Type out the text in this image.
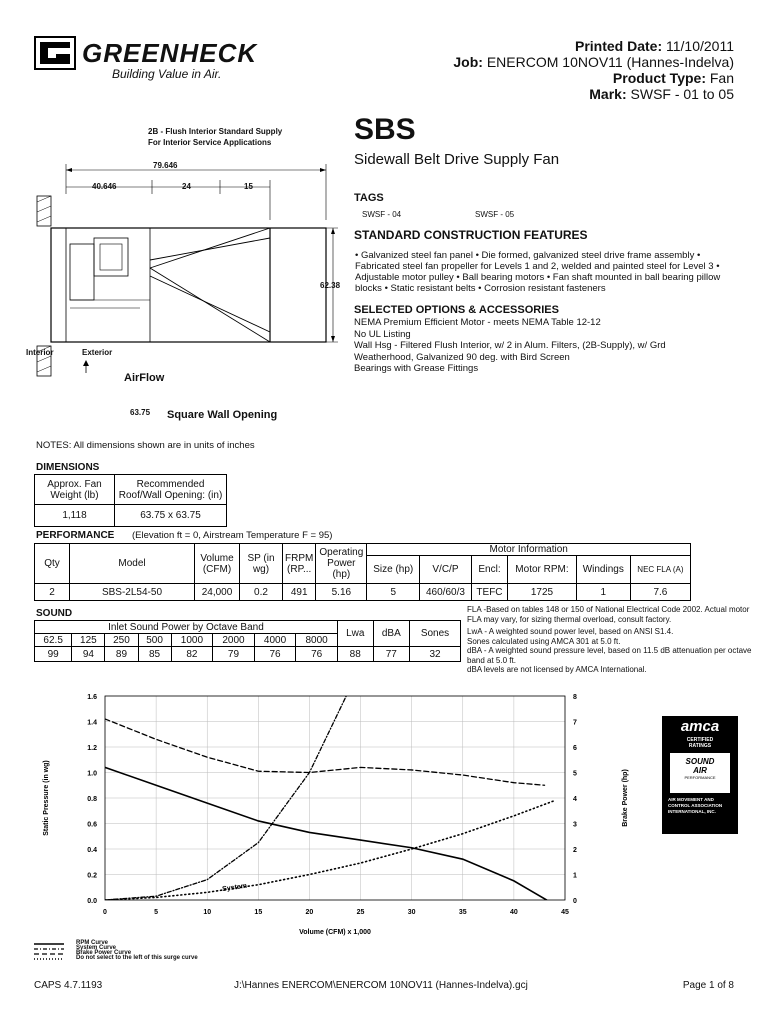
GREENHECK
Building Value in Air.
Printed Date: 11/10/2011
Job: ENERCOM 10NOV11 (Hannes-Indelva)
Product Type: Fan
Mark: SWSF - 01 to 05
2B - Flush Interior Standard Supply
For Interior Service Applications
79.646
40.646	24	15
62.38
Interior	Exterior
AirFlow
63.75 Square Wall Opening
SBS
Sidewall Belt Drive Supply Fan
TAGS
SWSF - 04	SWSF - 05
STANDARD CONSTRUCTION FEATURES
• Galvanized steel fan panel • Die formed, galvanized steel drive frame assembly • Fabricated steel fan propeller for Levels 1 and 2, welded and painted steel for Level 3 • Adjustable motor pulley • Ball bearing motors • Fan shaft mounted in ball bearing pillow blocks • Static resistant belts • Corrosion resistant fasteners
SELECTED OPTIONS & ACCESSORIES
NEMA Premium Efficient Motor - meets NEMA Table 12-12
No UL Listing
Wall Hsg - Filtered Flush Interior, w/ 2 in Alum. Filters, (2B-Supply), w/ Grd
Weatherhood, Galvanized 90 deg. with Bird Screen
Bearings with Grease Fittings
NOTES: All dimensions shown are in units of inches
DIMENSIONS
Approx. Fan Weight (lb)	Recommended Roof/Wall Opening: (in)
1,118	63.75 x 63.75
PERFORMANCE (Elevation ft = 0, Airstream Temperature F = 95)
Qty	Model	Volume (CFM)	SP (in wg)	FRPM (RP...	Operating Power (hp)	Motor Information					
						Size (hp)	V/C/P	Encl:	Motor RPM:	Windings	NEC FLA (A)
2	SBS-2L54-50	24,000	0.2	491	5.16	5	460/60/3	TEFC	1725	1	7.6
SOUND
Inlet Sound Power by Octave Band								Lwa	dBA	Sones
62.5	125	250	500	1000	2000	4000	8000			
99	94	89	85	82	79	76	76	88	77	32
FLA -Based on tables 148 or 150 of National Electrical Code 2002. Actual motor FLA may vary, for sizing thermal overload, consult factory.
LwA - A weighted sound power level, based on ANSI S1.4.
Sones calculated using AMCA 301 at 5.0 ft.
dBA - A weighted sound pressure level, based on 11.5 dB attenuation per octave band at 5.0 ft.
dBA levels are not licensed by AMCA International.
0	5	10	15	20	25	30	35	40	45
0.0
0.2
0.4
0.6
0.8
1.0
1.2
1.4
1.6
0
1
2
3
4
5
6
7
8
Volume (CFM) x 1,000
Static Pressure (in wg)	Brake Power (hp)
System
RPM Curve
System Curve
Brake Power Curve
Do not select to the left of this surge curve
amca
CERTIFIED
RATINGS
SOUND
AIR
PERFORMANCE
AIR MOVEMENT AND CONTROL ASSOCIATION INTERNATIONAL, INC.
CAPS 4.7.1193	J:\Hannes ENERCOM\ENERCOM 10NOV11 (Hannes-Indelva).gcj	Page 1 of 8
